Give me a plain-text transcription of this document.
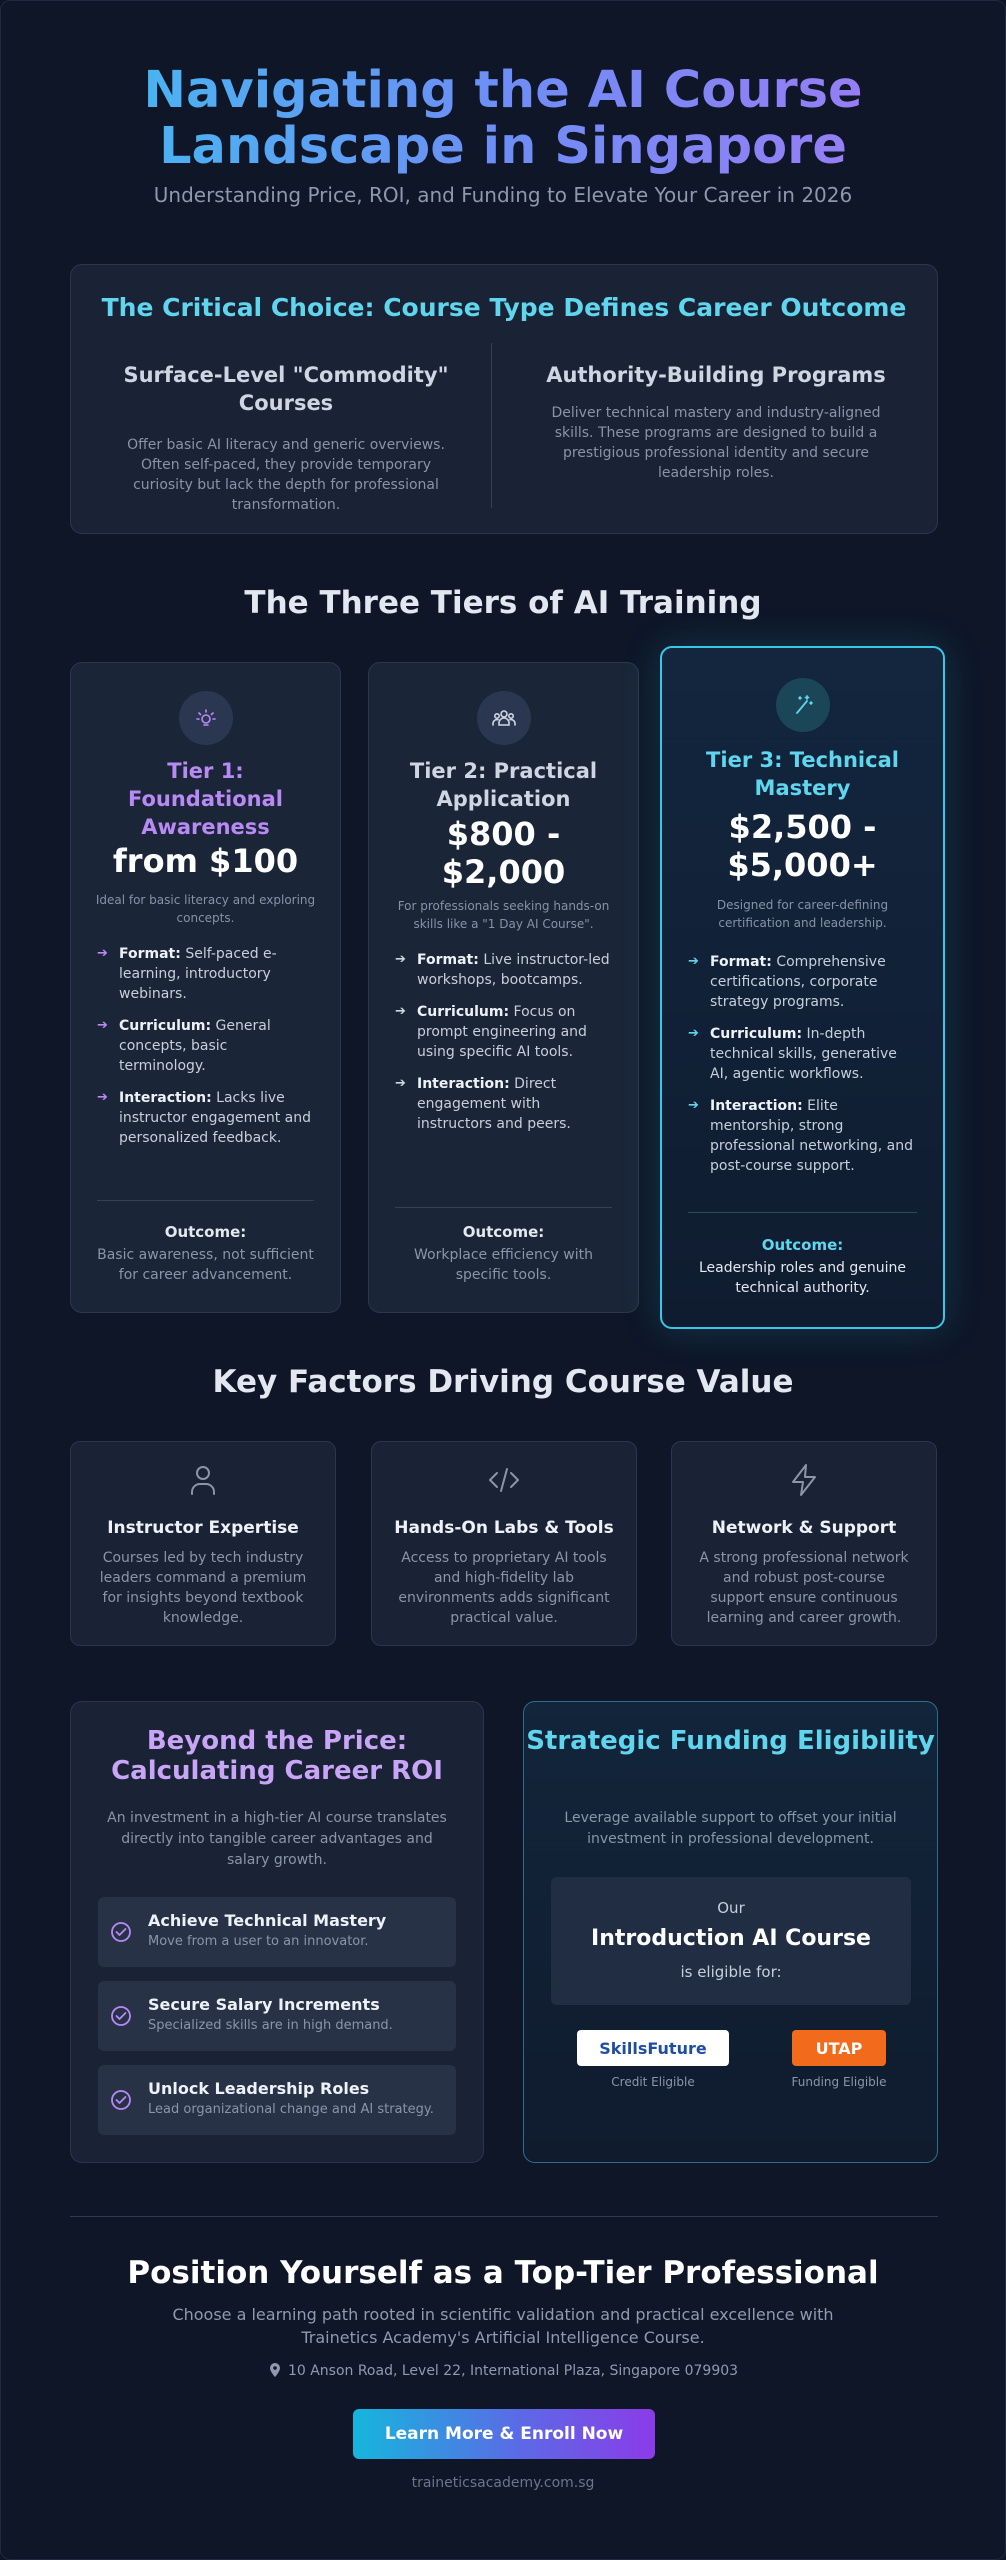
Navigating the AI Course Landscape in Singapore
Understanding Price, ROI, and Funding to Elevate Your Career in 2026
The Critical Choice: Course Type Defines Career Outcome
Surface-Level "Commodity" Courses

Offer basic AI literacy and generic overviews. Often self-paced, they provide temporary curiosity but lack the depth for professional transformation.

Authority-Building Programs

Deliver technical mastery and industry-aligned skills. These programs are designed to build a prestigious professional identity and secure leadership roles.

The Three Tiers of AI Training
Tier 1: Foundational Awareness
from $100
Ideal for basic literacy and exploring concepts.
➔ Format: Self-paced e-learning, introductory webinars.
➔ Curriculum: General concepts, basic terminology.
➔ Interaction: Lacks live instructor engagement and personalized feedback.
Outcome:
Basic awareness, not sufficient for career advancement.
Tier 2: Practical Application
$800 - $2,000
For professionals seeking hands-on skills like a "1 Day AI Course".
➔ Format: Live instructor-led workshops, bootcamps.
➔ Curriculum: Focus on prompt engineering and using specific AI tools.
➔ Interaction: Direct engagement with instructors and peers.
Outcome:
Workplace efficiency with specific tools.
Tier 3: Technical Mastery
$2,500 - $5,000+
Designed for career-defining certification and leadership.
➔ Format: Comprehensive certifications, corporate strategy programs.
➔ Curriculum: In-depth technical skills, generative AI, agentic workflows.
➔ Interaction: Elite mentorship, strong professional networking, and post-course support.
Outcome:
Leadership roles and genuine technical authority.
Key Factors Driving Course Value
Instructor Expertise

Courses led by tech industry leaders command a premium for insights beyond textbook knowledge.

Hands-On Labs & Tools

Access to proprietary AI tools and high-fidelity lab environments adds significant practical value.

Network & Support

A strong professional network and robust post-course support ensure continuous learning and career growth.

Beyond the Price: Calculating Career ROI

An investment in a high-tier AI course translates directly into tangible career advantages and salary growth.

Achieve Technical Mastery
Move from a user to an innovator.
Secure Salary Increments
Specialized skills are in high demand.
Unlock Leadership Roles
Lead organizational change and AI strategy.
Strategic Funding Eligibility

Leverage available support to offset your initial investment in professional development.

Our
Introduction AI Course
is eligible for:
SkillsFuture
Credit Eligible
UTAP
Funding Eligible
Position Yourself as a Top-Tier Professional

Choose a learning path rooted in scientific validation and practical excellence with Trainetics Academy's Artificial Intelligence Course.

10 Anson Road, Level 22, International Plaza, Singapore 079903
Learn More & Enroll Now
traineticsacademy.com.sg
